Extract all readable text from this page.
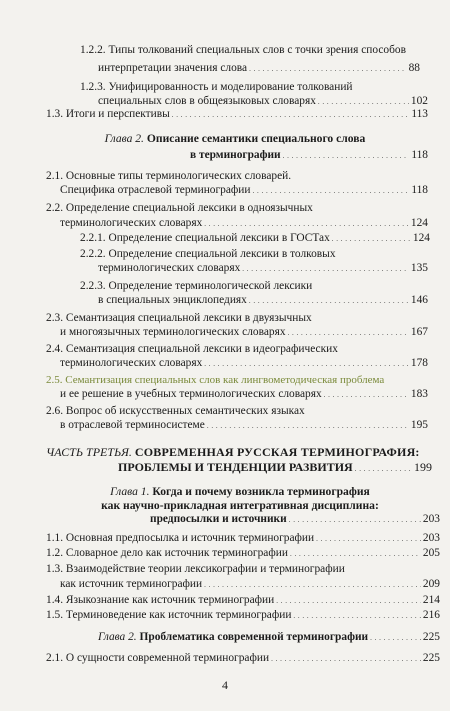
1.2.2. Типы толкований специальных слов с точки зрения способов
интерпретации значения слова . . .	88
1.2.3. Унифицированность и моделирование толкований
специальных слов в общеязыковых словарях . . .	102
1.3. Итоги и перспективы . . .	113
Глава 2. Описание семантики специального слова
в терминографии . . .	118
2.1. Основные типы терминологических словарей.
Специфика отраслевой терминографии . . .	118
2.2. Определение специальной лексики в одноязычных
терминологических словарях . . .	124
2.2.1. Определение специальной лексики в ГОСТах . . .	124
2.2.2. Определение специальной лексики в толковых
терминологических словарях . . .	135
2.2.3. Определение терминологической лексики
в специальных энциклопедиях . . .	146
2.3. Семантизация специальной лексики в двуязычных
и многоязычных терминологических словарях . . .	167
2.4. Семантизация специальной лексики в идеографических
терминологических словарях . . .	178
2.5. Семантизация специальных слов как лингвометодическая проблема
и ее решение в учебных терминологических словарях . . .	183
2.6. Вопрос об искусственных семантических языках
в отраслевой терминосистеме . . .	195
ЧАСТЬ ТРЕТЬЯ. СОВРЕМЕННАЯ РУССКАЯ ТЕРМИНОГРАФИЯ:
ПРОБЛЕМЫ И ТЕНДЕНЦИИ РАЗВИТИЯ . . .	199
Глава 1. Когда и почему возникла терминография
как научно-прикладная интегративная дисциплина:
предпосылки и источники . . .	203
1.1. Основная предпосылка и источник терминографии . . .	203
1.2. Словарное дело как источник терминографии . . .	205
1.3. Взаимодействие теории лексикографии и терминографии
как источник терминографии . . .	209
1.4. Языкознание как источник терминографии . . .	214
1.5. Терминоведение как источник терминографии . . .	216
Глава 2. Проблематика современной терминографии . . .	225
2.1. О сущности современной терминографии . . .	225
4
